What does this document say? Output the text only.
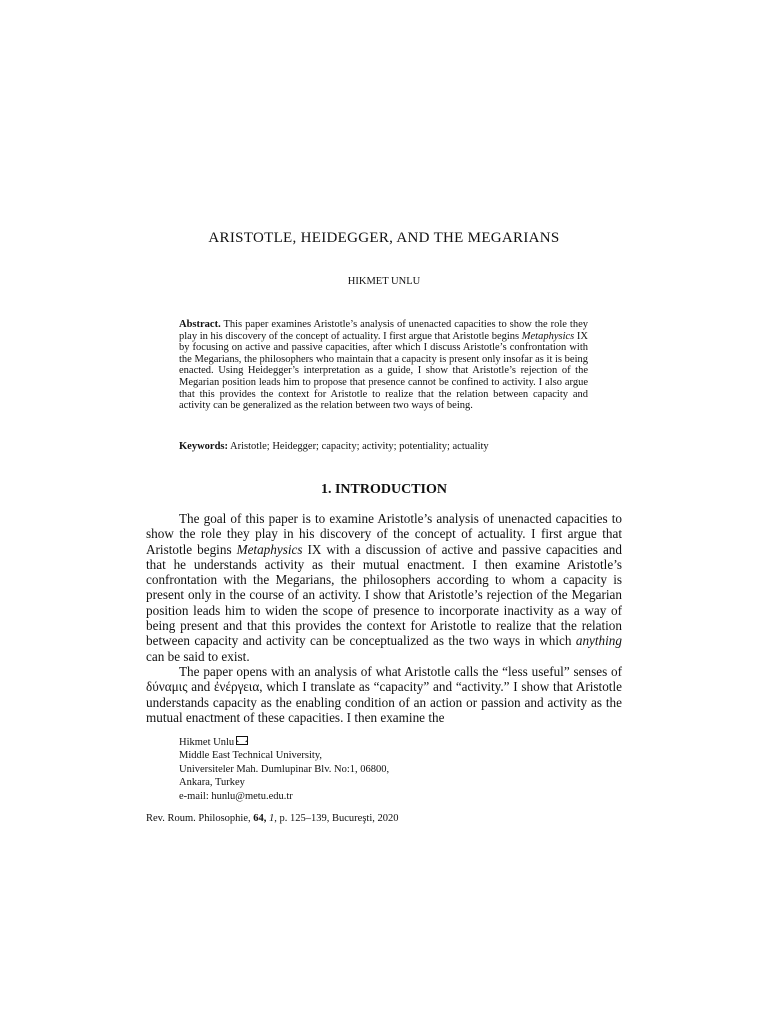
ARISTOTLE, HEIDEGGER, AND THE MEGARIANS
HIKMET UNLU

Abstract. This paper examines Aristotle’s analysis of unenacted capacities to show the role they play in his discovery of the concept of actuality. I first argue that Aristotle begins Metaphysics IX by focusing on active and passive capacities, after which I discuss Aristotle’s confrontation with the Megarians, the philosophers who maintain that a capacity is present only insofar as it is being enacted. Using Heidegger’s interpretation as a guide, I show that Aristotle’s rejection of the Megarian position leads him to propose that presence cannot be confined to activity. I also argue that this provides the context for Aristotle to realize that the relation between capacity and activity can be generalized as the relation between two ways of being.

Keywords: Aristotle; Heidegger; capacity; activity; potentiality; actuality

1. INTRODUCTION

The goal of this paper is to examine Aristotle’s analysis of unenacted capacities to show the role they play in his discovery of the concept of actuality. I first argue that Aristotle begins Metaphysics IX with a discussion of active and passive capacities and that he understands activity as their mutual enactment. I then examine Aristotle’s confrontation with the Megarians, the philosophers according to whom a capacity is present only in the course of an activity. I show that Aristotle’s rejection of the Megarian position leads him to widen the scope of presence to incorporate inactivity as a way of being present and that this provides the context for Aristotle to realize that the relation between capacity and activity can be conceptualized as the two ways in which anything can be said to exist.

The paper opens with an analysis of what Aristotle calls the “less useful” senses of δύναμις and ἐνέργεια, which I translate as “capacity” and “activity.” I show that Aristotle understands capacity as the enabling condition of an action or passion and activity as the mutual enactment of these capacities. I then examine the

Hikmet Unlu
Middle East Technical University,
Universiteler Mah. Dumlupinar Blv. No:1, 06800,
Ankara, Turkey
e-mail: hunlu@metu.edu.tr
Rev. Roum. Philosophie, 64, 1, p. 125–139, Bucureşti, 2020
